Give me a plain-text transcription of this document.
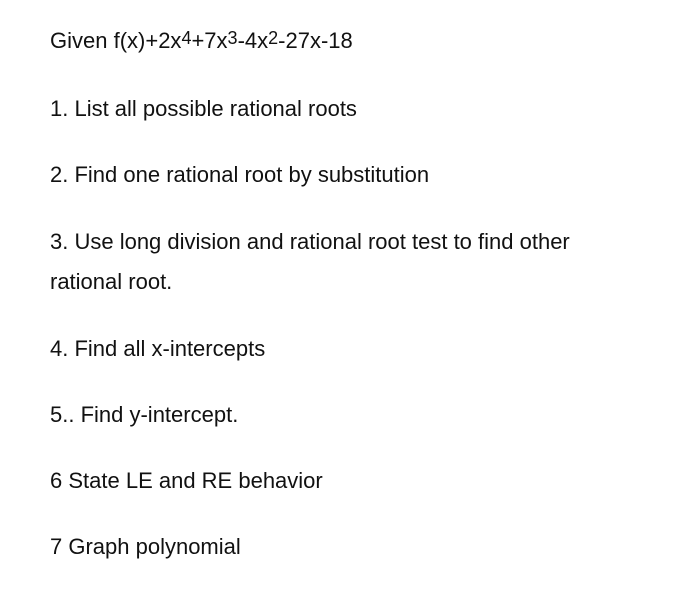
Given $f(x)+2x^4+7x^3-4x^2-27x-18$
1. List all possible rational roots
2. Find one rational root by substitution
3. Use long division and rational root test to find other
rational root.
4. Find all x-intercepts
5.. Find y-intercept.
6 State LE and RE behavior
7 Graph polynomial
